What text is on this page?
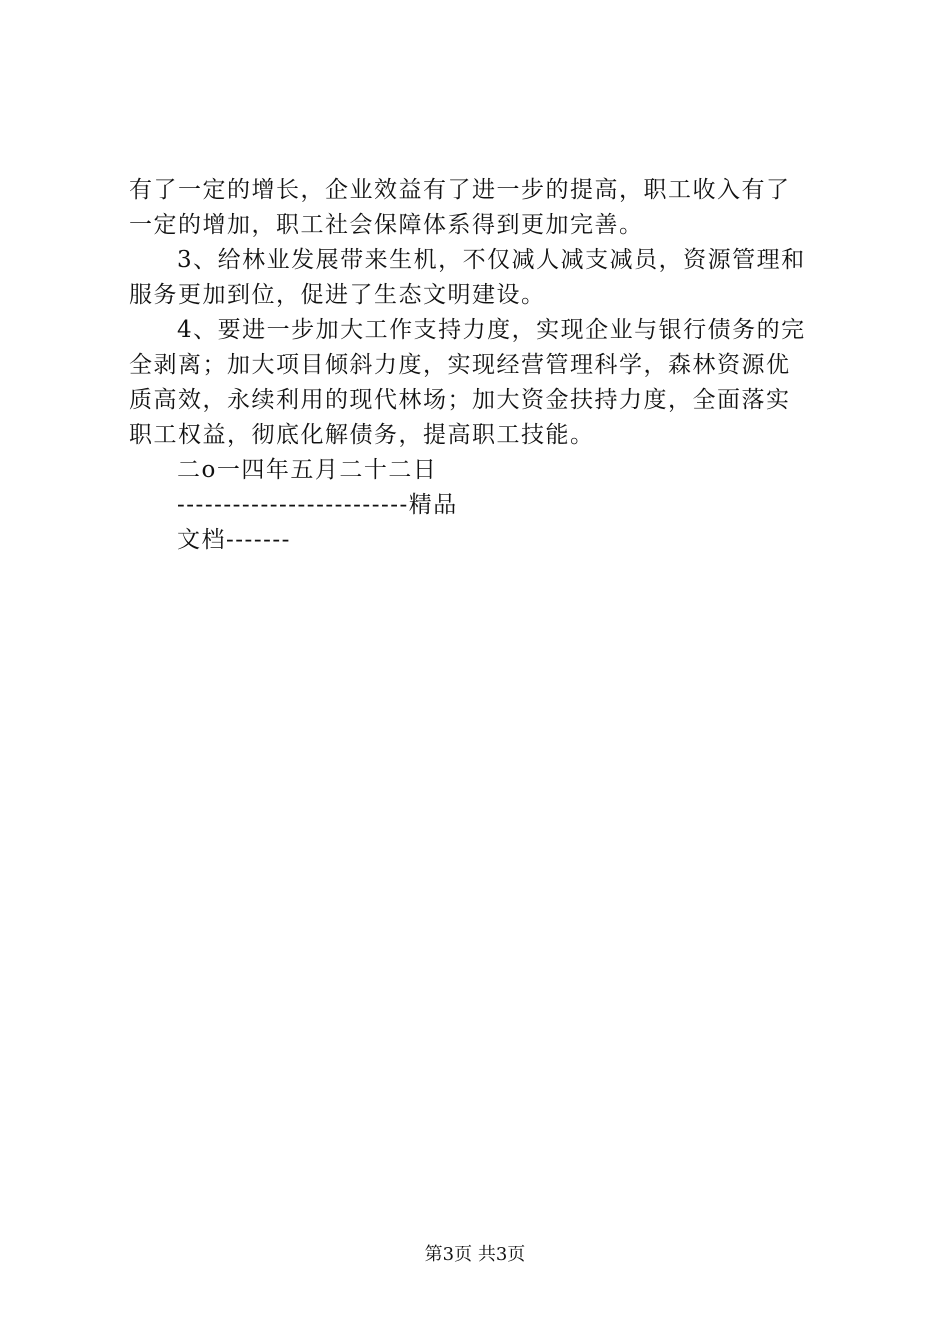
有了一定的增长，企业效益有了进一步的提高，职工收入有了
一定的增加，职工社会保障体系得到更加完善。
3、给林业发展带来生机，不仅减人减支减员，资源管理和
服务更加到位，促进了生态文明建设。
4、要进一步加大工作支持力度，实现企业与银行债务的完
全剥离；加大项目倾斜力度，实现经营管理科学，森林资源优
质高效，永续利用的现代林场；加大资金扶持力度，全面落实
职工权益，彻底化解债务，提高职工技能。
二o一四年五月二十二日
-------------------------精品
文档-------
第3页 共3页
